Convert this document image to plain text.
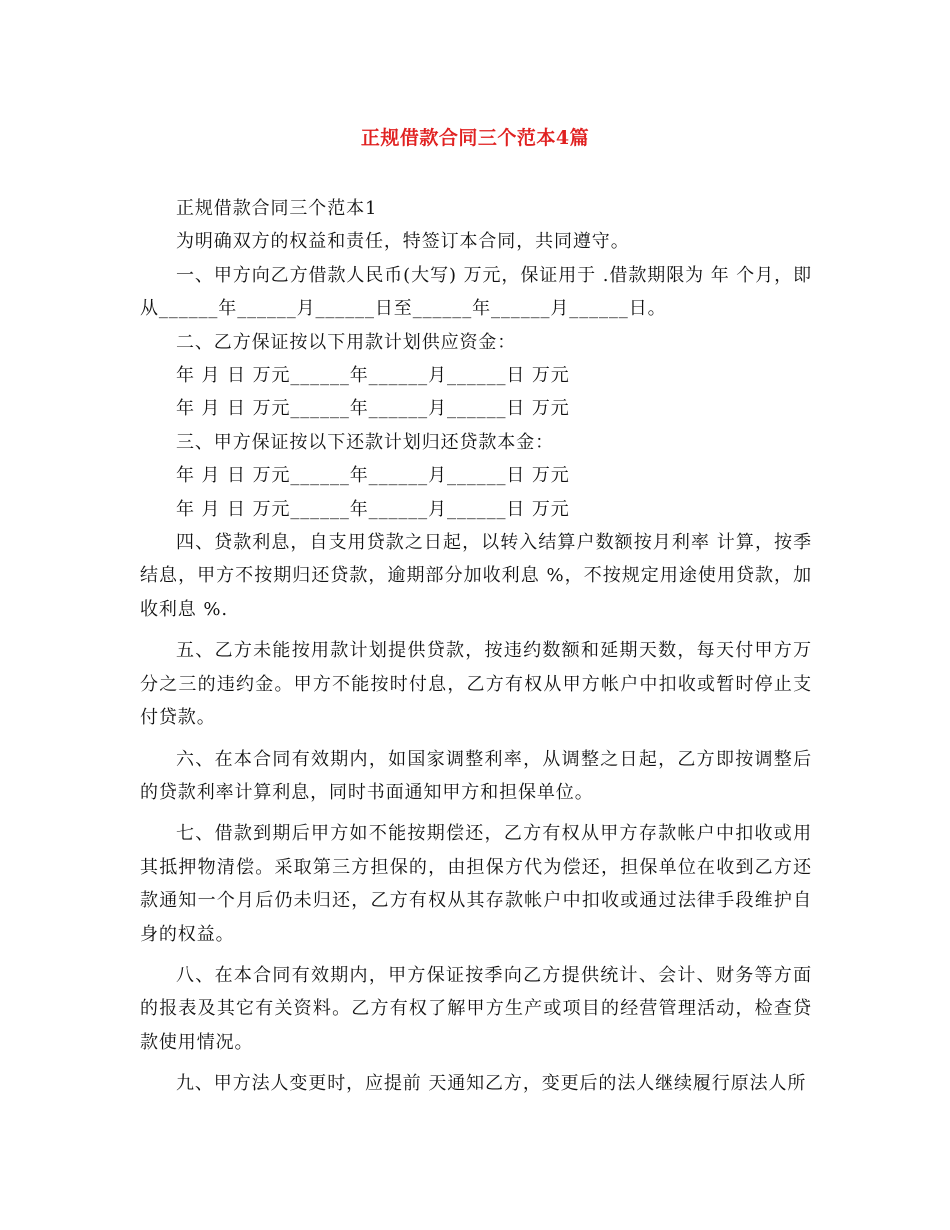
正规借款合同三个范本4篇

正规借款合同三个范本1

为明确双方的权益和责任，特签订本合同，共同遵守。

一、甲方向乙方借款人民币(大写) 万元，保证用于 .借款期限为 年 个月，即从______年______月______日至______年______月______日。

二、乙方保证按以下用款计划供应资金：

年 月 日 万元______年______月______日 万元

年 月 日 万元______年______月______日 万元

三、甲方保证按以下还款计划归还贷款本金：

年 月 日 万元______年______月______日 万元

年 月 日 万元______年______月______日 万元

四、贷款利息，自支用贷款之日起，以转入结算户数额按月利率 计算，按季结息，甲方不按期归还贷款，逾期部分加收利息 %，不按规定用途使用贷款，加收利息 %.

五、乙方未能按用款计划提供贷款，按违约数额和延期天数，每天付甲方万分之三的违约金。甲方不能按时付息，乙方有权从甲方帐户中扣收或暂时停止支付贷款。

六、在本合同有效期内，如国家调整利率，从调整之日起，乙方即按调整后的贷款利率计算利息，同时书面通知甲方和担保单位。

七、借款到期后甲方如不能按期偿还，乙方有权从甲方存款帐户中扣收或用其抵押物清偿。采取第三方担保的，由担保方代为偿还，担保单位在收到乙方还款通知一个月后仍未归还，乙方有权从其存款帐户中扣收或通过法律手段维护自身的权益。

八、在本合同有效期内，甲方保证按季向乙方提供统计、会计、财务等方面的报表及其它有关资料。乙方有权了解甲方生产或项目的经营管理活动，检查贷款使用情况。

九、甲方法人变更时，应提前 天通知乙方，变更后的法人继续履行原法人所
